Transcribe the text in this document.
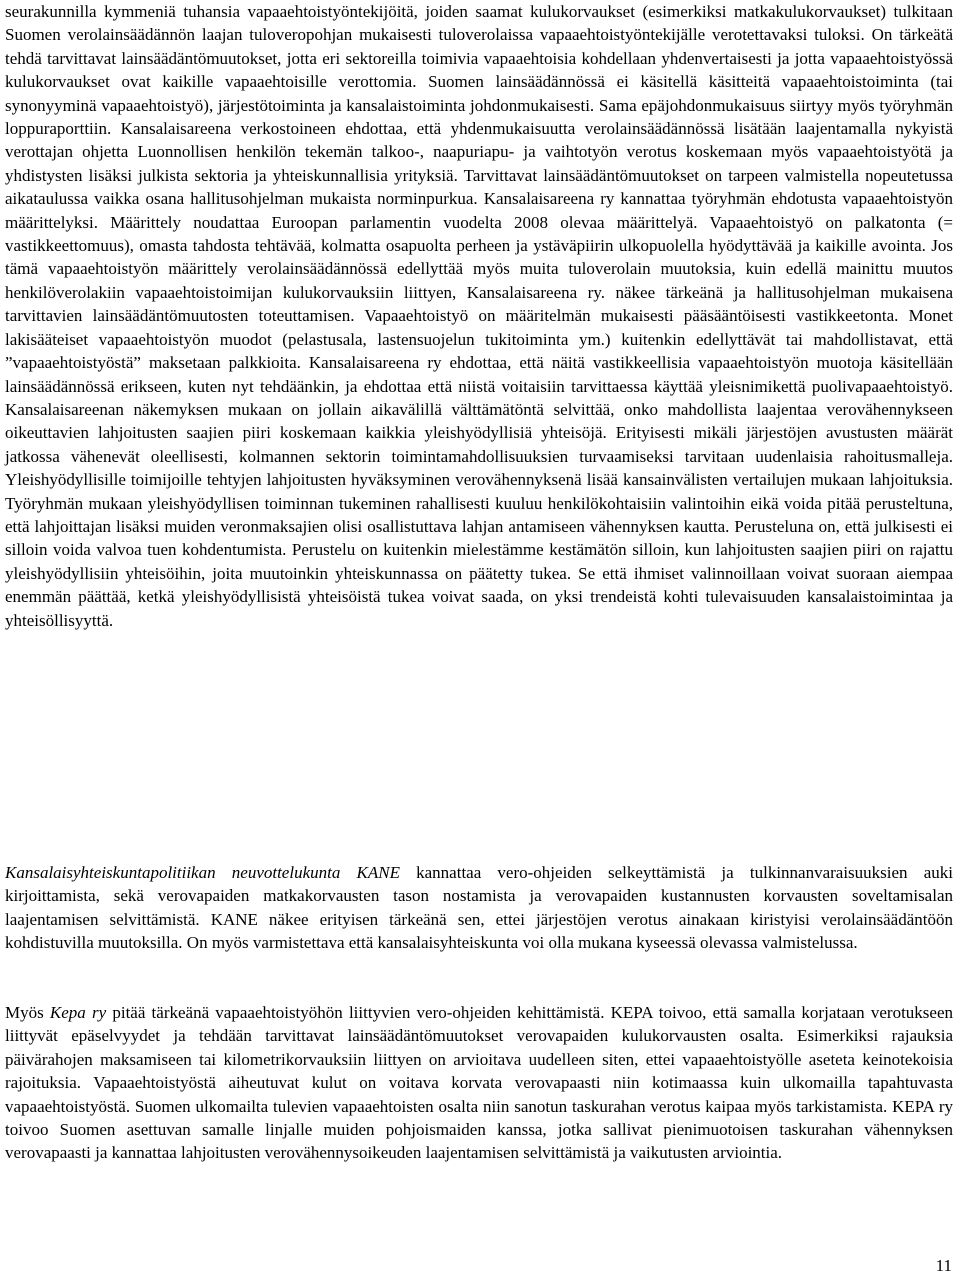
seurakunnilla kymmeniä tuhansia vapaaehtoistyöntekijöitä, joiden saamat kulukorvaukset (esimerkiksi matkakulukorvaukset) tulkitaan Suomen verolainsäädännön laajan tuloveropohjan mukaisesti tuloverolaissa vapaaehtoistyöntekijälle verotettavaksi tuloksi. On tärkeätä tehdä tarvittavat lainsäädäntömuutokset, jotta eri sektoreilla toimivia vapaaehtoisia kohdellaan yhdenvertaisesti ja jotta vapaaehtoistyössä kulukorvaukset ovat kaikille vapaaehtoisille verottomia. Suomen lainsäädännössä ei käsitellä käsitteitä vapaaehtoistoiminta (tai synonyyminä vapaaehtoistyö), järjestötoiminta ja kansalaistoiminta johdonmukaisesti. Sama epäjohdonmukaisuus siirtyy myös työryhmän loppuraporttiin. Kansalaisareena verkostoineen ehdottaa, että yhdenmukaisuutta verolainsäädännössä lisätään laajentamalla nykyistä verottajan ohjetta Luonnollisen henkilön tekemän talkoo-, naapuriapu- ja vaihtotyön verotus koskemaan myös vapaaehtoistyötä ja yhdistysten lisäksi julkista sektoria ja yhteiskunnallisia yrityksiä. Tarvittavat lainsäädäntömuutokset on tarpeen valmistella nopeutetussa aikataulussa vaikka osana hallitusohjelman mukaista norminpurkua. Kansalaisareena ry kannattaa työryhmän ehdotusta vapaaehtoistyön määrittelyksi. Määrittely noudattaa Euroopan parlamentin vuodelta 2008 olevaa määrittelyä. Vapaaehtoistyö on palkatonta (= vastikkeettomuus), omasta tahdosta tehtävää, kolmatta osapuolta perheen ja ystäväpiirin ulkopuolella hyödyttävää ja kaikille avointa. Jos tämä vapaaehtoistyön määrittely verolainsäädännössä edellyttää myös muita tuloverolain muutoksia, kuin edellä mainittu muutos henkilöverolakiin vapaaehtoistoimijan kulukorvauksiin liittyen, Kansalaisareena ry. näkee tärkeänä ja hallitusohjelman mukaisena tarvittavien lainsäädäntömuutosten toteuttamisen. Vapaaehtoistyö on määritelmän mukaisesti pääsääntöisesti vastikkeetonta. Monet lakisääteiset vapaaehtoistyön muodot (pelastusala, lastensuojelun tukitoiminta ym.) kuitenkin edellyttävät tai mahdollistavat, että ”vapaaehtoistyöstä” maksetaan palkkioita. Kansalaisareena ry ehdottaa, että näitä vastikkeellisia vapaaehtoistyön muotoja käsitellään lainsäädännössä erikseen, kuten nyt tehdäänkin, ja ehdottaa että niistä voitaisiin tarvittaessa käyttää yleisnimikettä puolivapaaehtoistyö. Kansalaisareenan näkemyksen mukaan on jollain aikavälillä välttämätöntä selvittää, onko mahdollista laajentaa verovähennykseen oikeuttavien lahjoitusten saajien piiri koskemaan kaikkia yleishyödyllisiä yhteisöjä. Erityisesti mikäli järjestöjen avustusten määrät jatkossa vähenevät oleellisesti, kolmannen sektorin toimintamahdollisuuksien turvaamiseksi tarvitaan uudenlaisia rahoitusmalleja. Yleishyödyllisille toimijoille tehtyjen lahjoitusten hyväksyminen verovähennyksenä lisää kansainvälisten vertailujen mukaan lahjoituksia. Työryhmän mukaan yleishyödyllisen toiminnan tukeminen rahallisesti kuuluu henkilökohtaisiin valintoihin eikä voida pitää perusteltuna, että lahjoittajan lisäksi muiden veronmaksajien olisi osallistuttava lahjan antamiseen vähennyksen kautta. Perusteluna on, että julkisesti ei silloin voida valvoa tuen kohdentumista. Perustelu on kuitenkin mielestämme kestämätön silloin, kun lahjoitusten saajien piiri on rajattu yleishyödyllisiin yhteisöihin, joita muutoinkin yhteiskunnassa on päätetty tukea. Se että ihmiset valinnoillaan voivat suoraan aiempaa enemmän päättää, ketkä yleishyödyllisistä yhteisöistä tukea voivat saada, on yksi trendeistä kohti tulevaisuuden kansalaistoimintaa ja yhteisöllisyyttä.

Kansalaisyhteiskuntapolitiikan neuvottelukunta KANE kannattaa vero-ohjeiden selkeyttämistä ja tulkinnanvaraisuuksien auki kirjoittamista, sekä verovapaiden matkakorvausten tason nostamista ja verovapaiden kustannusten korvausten soveltamisalan laajentamisen selvittämistä. KANE näkee erityisen tärkeänä sen, ettei järjestöjen verotus ainakaan kiristyisi verolainsäädäntöön kohdistuvilla muutoksilla. On myös varmistettava että kansalaisyhteiskunta voi olla mukana kyseessä olevassa valmistelussa.

Myös Kepa ry pitää tärkeänä vapaaehtoistyöhön liittyvien vero-ohjeiden kehittämistä. KEPA toivoo, että samalla korjataan verotukseen liittyvät epäselvyydet ja tehdään tarvittavat lainsäädäntömuutokset verovapaiden kulukorvausten osalta. Esimerkiksi rajauksia päivärahojen maksamiseen tai kilometrikorvauksiin liittyen on arvioitava uudelleen siten, ettei vapaaehtoistyölle aseteta keinotekoisia rajoituksia. Vapaaehtoistyöstä aiheutuvat kulut on voitava korvata verovapaasti niin kotimaassa kuin ulkomailla tapahtuvasta vapaaehtoistyöstä. Suomen ulkomailta tulevien vapaaehtoisten osalta niin sanotun taskurahan verotus kaipaa myös tarkistamista. KEPA ry toivoo Suomen asettuvan samalle linjalle muiden pohjoismaiden kanssa, jotka sallivat pienimuotoisen taskurahan vähennyksen verovapaasti ja kannattaa lahjoitusten verovähennysoikeuden laajentamisen selvittämistä ja vaikutusten arviointia.

11
